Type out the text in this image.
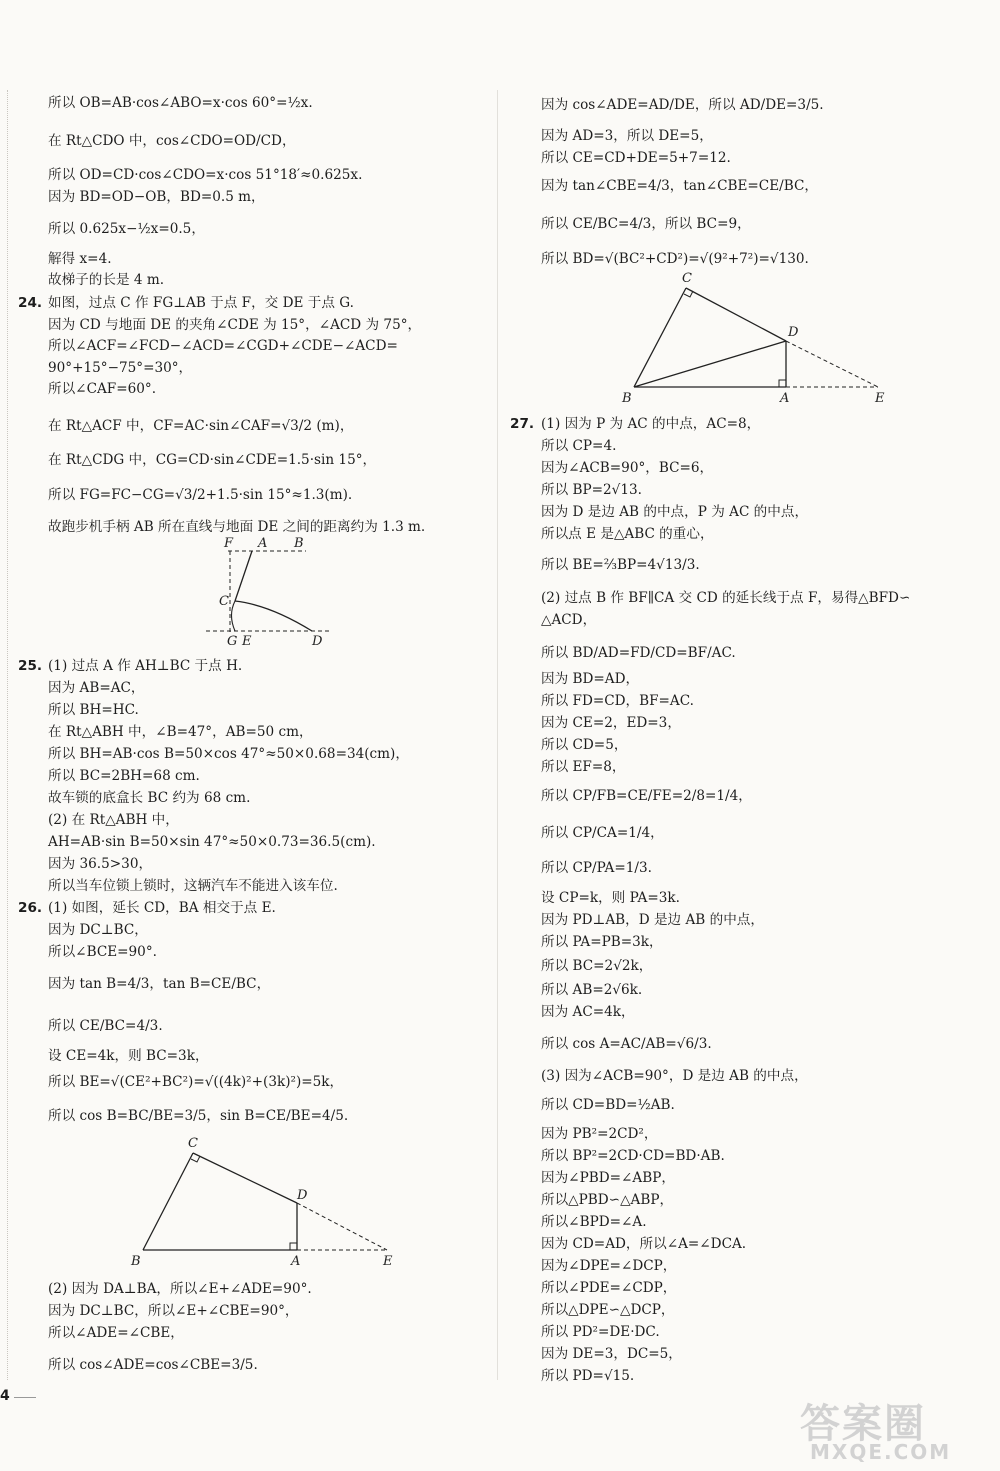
所以 OB=AB·cos∠ABO=x·cos 60°=½x.
在 Rt△CDO 中，cos∠CDO=OD/CD，
所以 OD=CD·cos∠CDO=x·cos 51°18′≈0.625x.
因为 BD=OD−OB，BD=0.5 m，
所以 0.625x−½x=0.5，
解得 x=4.
故梯子的长是 4 m.
24. 如图，过点 C 作 FG⊥AB 于点 F，交 DE 于点 G.
因为 CD 与地面 DE 的夹角∠CDE 为 15°，∠ACD 为 75°，
所以∠ACF=∠FCD−∠ACD=∠CGD+∠CDE−∠ACD=
90°+15°−75°=30°，
所以∠CAF=60°.
在 Rt△ACF 中，CF=AC·sin∠CAF=√3/2 (m)，
在 Rt△CDG 中，CG=CD·sin∠CDE=1.5·sin 15°，
所以 FG=FC−CG=√3/2+1.5·sin 15°≈1.3(m).
故跑步机手柄 AB 所在直线与地面 DE 之间的距离约为 1.3 m.
F A B
C
G E	D
25. (1) 过点 A 作 AH⊥BC 于点 H.
因为 AB=AC，
所以 BH=HC.
在 Rt△ABH 中，∠B=47°，AB=50 cm，
所以 BH=AB·cos B=50×cos 47°≈50×0.68=34(cm)，
所以 BC=2BH=68 cm.
故车锁的底盒长 BC 约为 68 cm.
(2) 在 Rt△ABH 中，
AH=AB·sin B=50×sin 47°≈50×0.73=36.5(cm).
因为 36.5>30，
所以当车位锁上锁时，这辆汽车不能进入该车位.
26. (1) 如图，延长 CD，BA 相交于点 E.
因为 DC⊥BC，
所以∠BCE=90°.
因为 tan B=4/3，tan B=CE/BC，
所以 CE/BC=4/3.
设 CE=4k，则 BC=3k，
所以 BE=√(CE²+BC²)=√((4k)²+(3k)²)=5k，
所以 cos B=BC/BE=3/5，sin B=CE/BE=4/5.
C
D
B	A	E
(2) 因为 DA⊥BA，所以∠E+∠ADE=90°.
因为 DC⊥BC，所以∠E+∠CBE=90°，
所以∠ADE=∠CBE，
所以 cos∠ADE=cos∠CBE=3/5.
因为 cos∠ADE=AD/DE，所以 AD/DE=3/5.
因为 AD=3，所以 DE=5，
所以 CE=CD+DE=5+7=12.
因为 tan∠CBE=4/3，tan∠CBE=CE/BC，
所以 CE/BC=4/3，所以 BC=9，
所以 BD=√(BC²+CD²)=√(9²+7²)=√130.
C
D
B	A	E
27. (1) 因为 P 为 AC 的中点，AC=8，
所以 CP=4.
因为∠ACB=90°，BC=6，
所以 BP=2√13.
因为 D 是边 AB 的中点，P 为 AC 的中点，
所以点 E 是△ABC 的重心，
所以 BE=⅔BP=4√13/3.
(2) 过点 B 作 BF∥CA 交 CD 的延长线于点 F，易得△BFD∽
△ACD，
所以 BD/AD=FD/CD=BF/AC.
因为 BD=AD，
所以 FD=CD，BF=AC.
因为 CE=2，ED=3，
所以 CD=5，
所以 EF=8，
所以 CP/FB=CE/FE=2/8=1/4，
所以 CP/CA=1/4，
所以 CP/PA=1/3.
设 CP=k，则 PA=3k.
因为 PD⊥AB，D 是边 AB 的中点，
所以 PA=PB=3k，
所以 BC=2√2k，
所以 AB=2√6k.
因为 AC=4k，
所以 cos A=AC/AB=√6/3.
(3) 因为∠ACB=90°，D 是边 AB 的中点，
所以 CD=BD=½AB.
因为 PB²=2CD²，
所以 BP²=2CD·CD=BD·AB.
因为∠PBD=∠ABP，
所以△PBD∽△ABP，
所以∠BPD=∠A.
因为 CD=AD，所以∠A=∠DCA.
因为∠DPE=∠DCP，
所以∠PDE=∠CDP，
所以△DPE∽△DCP，
所以 PD²=DE·DC.
因为 DE=3，DC=5，
所以 PD=√15.
4
答案圈
MXQE.COM
